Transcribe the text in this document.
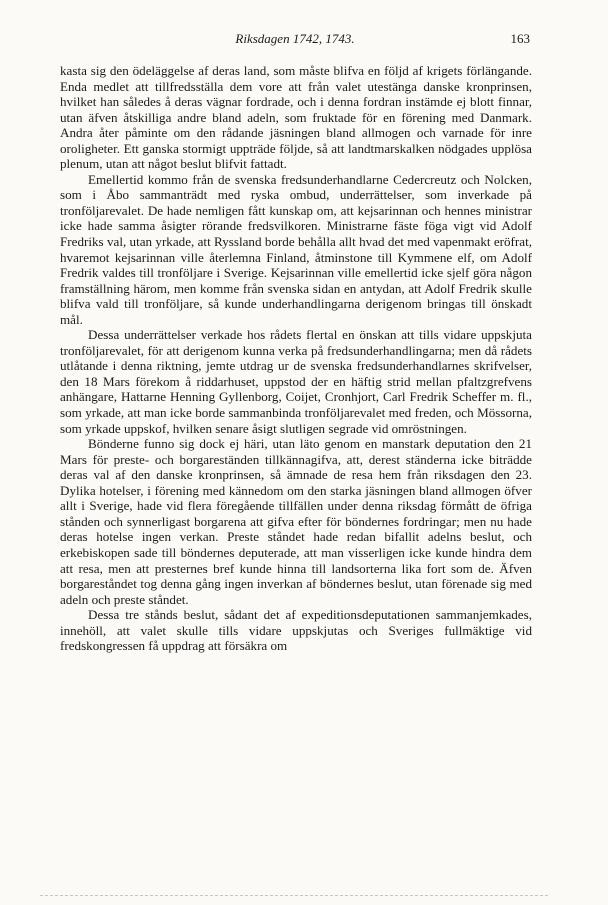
Riksdagen 1742, 1743.	163

kasta sig den ödeläggelse af deras land, som måste blifva en följd af krigets förlängande. Enda medlet att tillfredsställa dem vore att från valet utestänga danske kronprinsen, hvilket han således å deras vägnar fordrade, och i denna fordran instämde ej blott finnar, utan äfven åtskilliga andre bland adeln, som fruktade för en förening med Danmark. Andra åter påminte om den rådande jäsningen bland allmogen och varnade för inre oroligheter. Ett ganska stormigt uppträde följde, så att landtmarskalken nödgades upplösa plenum, utan att något beslut blifvit fattadt.

Emellertid kommo från de svenska fredsunderhandlarne Cedercreutz och Nolcken, som i Åbo sammanträdt med ryska ombud, underrättelser, som inverkade på tronföljarevalet. De hade nemligen fått kunskap om, att kejsarinnan och hennes ministrar icke hade samma åsigter rörande fredsvilkoren. Ministrarne fäste föga vigt vid Adolf Fredriks val, utan yrkade, att Ryssland borde behålla allt hvad det med vapenmakt eröfrat, hvaremot kejsarinnan ville återlemna Finland, åtminstone till Kymmene elf, om Adolf Fredrik valdes till tronföljare i Sverige. Kejsarinnan ville emellertid icke sjelf göra någon framställning härom, men komme från svenska sidan en antydan, att Adolf Fredrik skulle blifva vald till tronföljare, så kunde underhandlingarna derigenom bringas till önskadt mål.

Dessa underrättelser verkade hos rådets flertal en önskan att tills vidare uppskjuta tronföljarevalet, för att derigenom kunna verka på fredsunderhandlingarna; men då rådets utlåtande i denna riktning, jemte utdrag ur de svenska fredsunderhandlarnes skrifvelser, den 18 Mars förekom å riddarhuset, uppstod der en häftig strid mellan pfaltzgrefvens anhängare, Hattarne Henning Gyllenborg, Coijet, Cronhjort, Carl Fredrik Scheffer m. fl., som yrkade, att man icke borde sammanbinda tronföljarevalet med freden, och Mössorna, som yrkade uppskof, hvilken senare åsigt slutligen segrade vid omröstningen.

Bönderne funno sig dock ej häri, utan läto genom en manstark deputation den 21 Mars för preste- och borgareständen tillkännagifva, att, derest ständerna icke biträdde deras val af den danske kronprinsen, så ämnade de resa hem från riksdagen den 23. Dylika hotelser, i förening med kännedom om den starka jäsningen bland allmogen öfver allt i Sverige, hade vid flera föregående tillfällen under denna riksdag förmått de öfriga stånden och synnerligast borgarena att gifva efter för böndernes fordringar; men nu hade deras hotelse ingen verkan. Preste ståndet hade redan bifallit adelns beslut, och erkebiskopen sade till böndernes deputerade, att man visserligen icke kunde hindra dem att resa, men att presternes bref kunde hinna till landsorterna lika fort som de. Äfven borgareståndet tog denna gång ingen inverkan af böndernes beslut, utan förenade sig med adeln och preste ståndet.

Dessa tre stånds beslut, sådant det af expeditionsdeputationen sammanjemkades, innehöll, att valet skulle tills vidare uppskjutas och Sveriges fullmäktige vid fredskongressen få uppdrag att försäkra om
